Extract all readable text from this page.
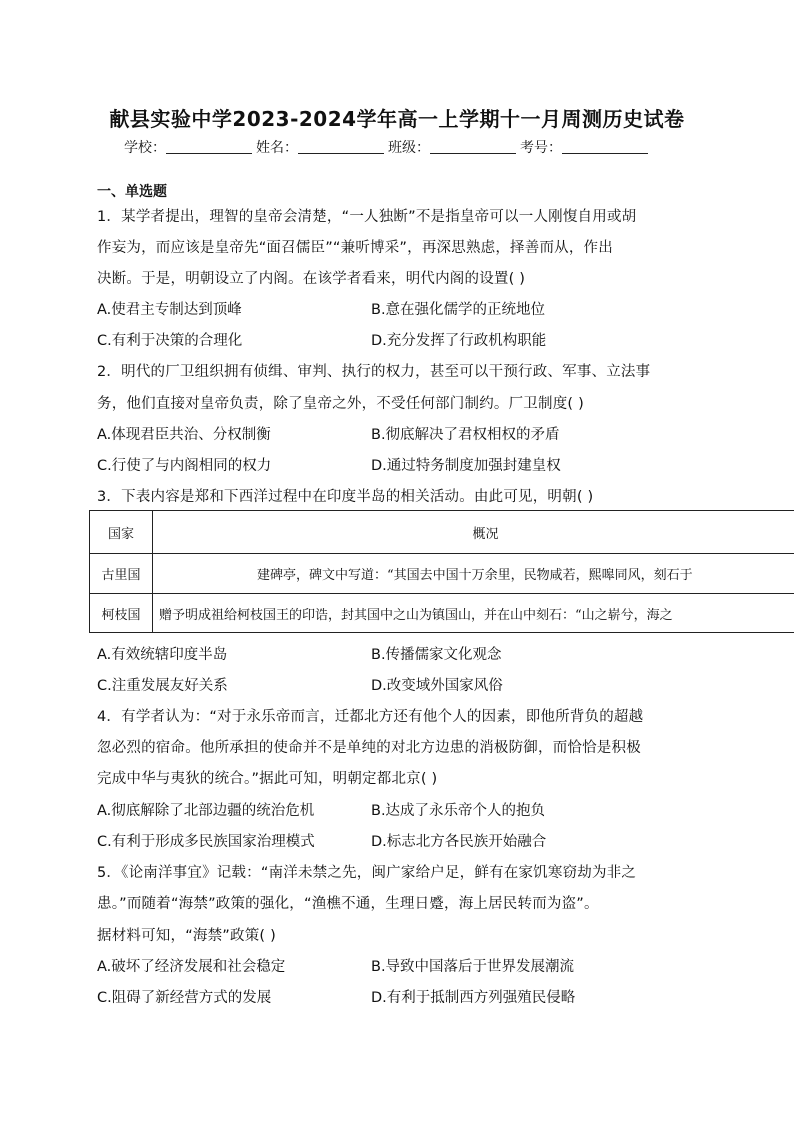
献县实验中学2023-2024学年高一上学期十一月周测历史试卷
学校：	姓名：	班级：	考号：
一、单选题
1．某学者提出，理智的皇帝会清楚，“一人独断”不是指皇帝可以一人刚愎自用或胡
作妄为，而应该是皇帝先“面召儒臣”“兼听博采”，再深思熟虑，择善而从，作出
决断。于是，明朝设立了内阁。在该学者看来，明代内阁的设置( )
A.使君主专制达到顶峰	B.意在强化儒学的正统地位
C.有利于决策的合理化	D.充分发挥了行政机构职能
2．明代的厂卫组织拥有侦缉、审判、执行的权力，甚至可以干预行政、军事、立法事
务，他们直接对皇帝负责，除了皇帝之外，不受任何部门制约。厂卫制度( )
A.体现君臣共治、分权制衡	B.彻底解决了君权相权的矛盾
C.行使了与内阁相同的权力	D.通过特务制度加强封建皇权
3．下表内容是郑和下西洋过程中在印度半岛的相关活动。由此可见，明朝( )
国家	概况
古里国	建碑亭，碑文中写道：“其国去中国十万余里，民物咸若，熙嗥同风，刻石于
柯枝国	赠予明成祖给柯枝国王的印诰，封其国中之山为镇国山，并在山中刻石：“山之崭兮，海之
A.有效统辖印度半岛	B.传播儒家文化观念
C.注重发展友好关系	D.改变域外国家风俗
4．有学者认为：“对于永乐帝而言，迁都北方还有他个人的因素，即他所背负的超越
忽必烈的宿命。他所承担的使命并不是单纯的对北方边患的消极防御，而恰恰是积极
完成中华与夷狄的统合。”据此可知，明朝定都北京( )
A.彻底解除了北部边疆的统治危机	B.达成了永乐帝个人的抱负
C.有利于形成多民族国家治理模式	D.标志北方各民族开始融合
5．《论南洋事宜》记载：“南洋未禁之先，闽广家给户足，鲜有在家饥寒窃劫为非之
患。”而随着“海禁”政策的强化，“渔樵不通，生理日蹙，海上居民转而为盗”。
据材料可知，“海禁”政策( )
A.破坏了经济发展和社会稳定	B.导致中国落后于世界发展潮流
C.阻碍了新经营方式的发展	D.有利于抵制西方列强殖民侵略
